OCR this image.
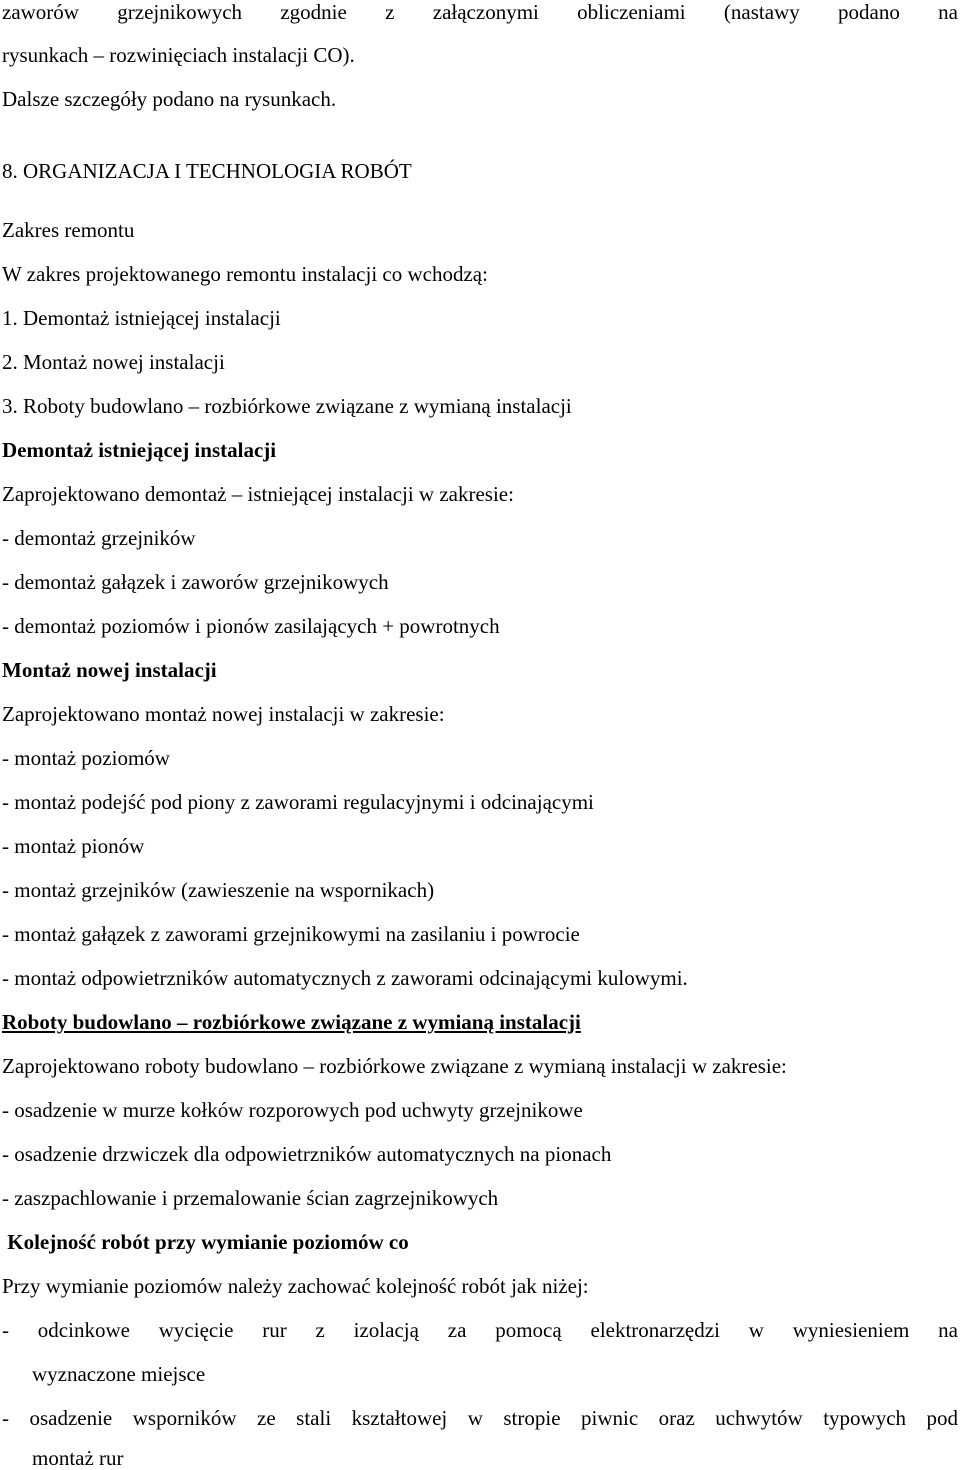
zaworów grzejnikowych zgodnie z załączonymi obliczeniami (nastawy podano na
rysunkach – rozwinięciach instalacji CO).
Dalsze szczegóły podano na rysunkach.
8. ORGANIZACJA I TECHNOLOGIA ROBÓT
Zakres remontu
W zakres projektowanego remontu instalacji co wchodzą:
1. Demontaż istniejącej instalacji
2. Montaż nowej instalacji
3. Roboty budowlano – rozbiórkowe związane z wymianą instalacji
Demontaż istniejącej instalacji
Zaprojektowano demontaż – istniejącej instalacji w zakresie:
- demontaż grzejników
- demontaż gałązek i zaworów grzejnikowych
- demontaż poziomów i pionów zasilających + powrotnych
Montaż nowej instalacji
Zaprojektowano montaż nowej instalacji w zakresie:
- montaż poziomów
- montaż podejść pod piony z zaworami regulacyjnymi i odcinającymi
- montaż pionów
- montaż grzejników (zawieszenie na wspornikach)
- montaż gałązek z zaworami grzejnikowymi na zasilaniu i powrocie
- montaż odpowietrzników automatycznych z zaworami odcinającymi kulowymi.
Roboty budowlano – rozbiórkowe związane z wymianą instalacji
Zaprojektowano roboty budowlano – rozbiórkowe związane z wymianą instalacji w zakresie:
- osadzenie w murze kołków rozporowych pod uchwyty grzejnikowe
- osadzenie drzwiczek dla odpowietrzników automatycznych na pionach
- zaszpachlowanie i przemalowanie ścian zagrzejnikowych
Kolejność robót przy wymianie poziomów co
Przy wymianie poziomów należy zachować kolejność robót jak niżej:
- odcinkowe wycięcie rur z izolacją za pomocą elektronarzędzi w wyniesieniem na
wyznaczone miejsce
- osadzenie wsporników ze stali kształtowej w stropie piwnic oraz uchwytów typowych pod
montaż rur
